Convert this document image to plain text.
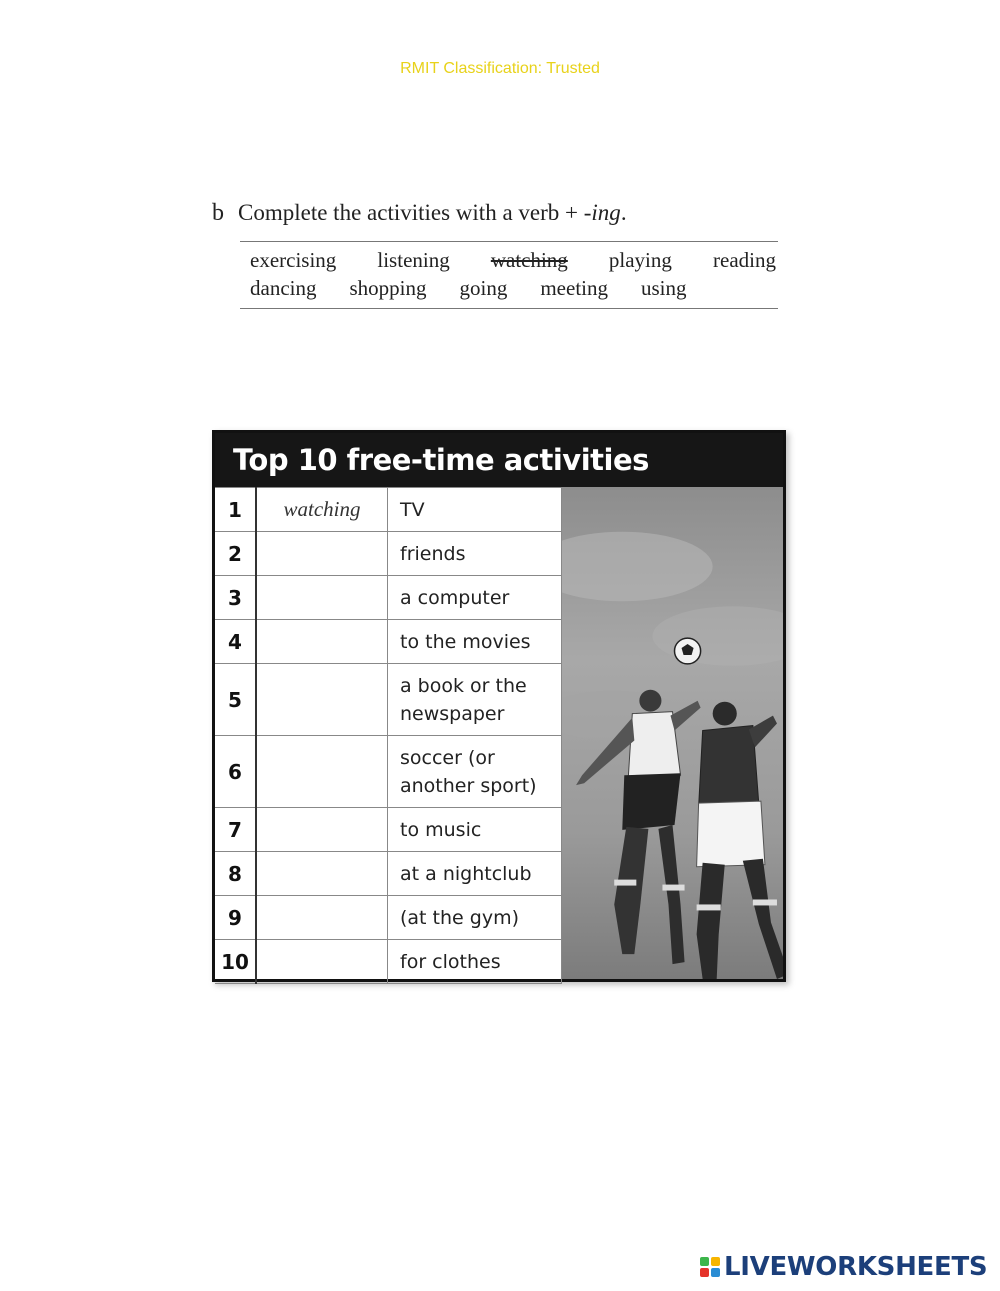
RMIT Classification: Trusted
b Complete the activities with a verb + -ing.
exercising listening watching playing reading
dancing shopping going meeting using
Top 10 free-time activities
1	watching	TV
2		friends
3		a computer
4		to the movies
5		a book or the newspaper
6		soccer (or another sport)
7		to music
8		at a nightclub
9		(at the gym)
10		for clothes
LIVEWORKSHEETS
